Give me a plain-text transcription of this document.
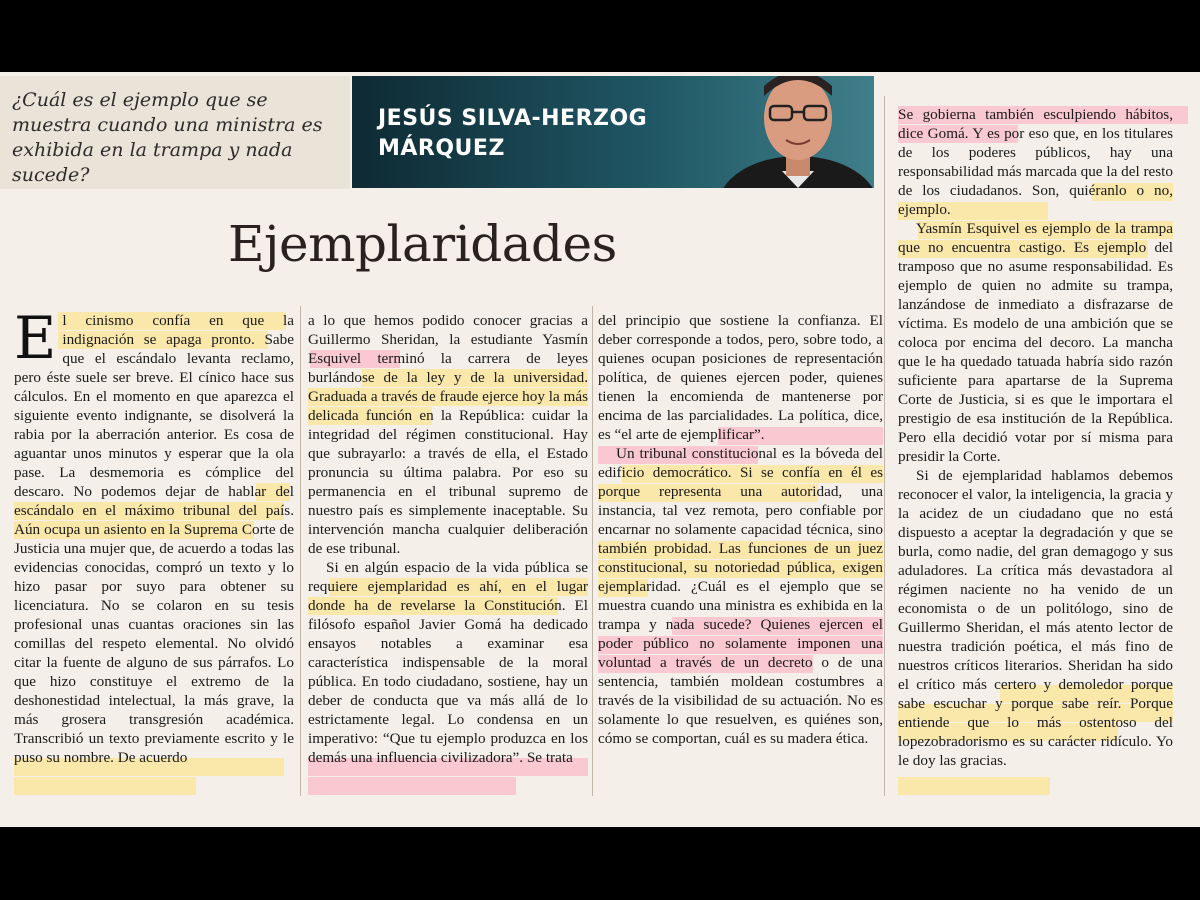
¿Cuál es el ejemplo que se muestra cuando una ministra es exhibida en la trampa y nada sucede?
JESÚS SILVA-HERZOG
MÁRQUEZ
Ejemplaridades

El cinismo confía en que la indignación se apaga pronto. Sabe que el escándalo levanta reclamo, pero éste suele ser breve. El cínico hace sus cálculos. En el momento en que aparezca el siguiente evento indignante, se disolverá la rabia por la aberración anterior. Es cosa de aguantar unos minutos y esperar que la ola pase. La desmemoria es cómplice del descaro. No podemos dejar de hablar del escándalo en el máximo tribunal del país. Aún ocupa un asiento en la Suprema Corte de Justicia una mujer que, de acuerdo a todas las evidencias conocidas, compró un texto y lo hizo pasar por suyo para obtener su licenciatura. No se colaron en su tesis profesional unas cuantas oraciones sin las comillas del respeto elemental. No olvidó citar la fuente de alguno de sus párrafos. Lo que hizo constituye el extremo de la deshonestidad intelectual, la más grave, la más grosera transgresión académica. Transcribió un texto previamente escrito y le puso su nombre. De acuerdo

a lo que hemos podido conocer gracias a Guillermo Sheridan, la estudiante Yasmín Esquivel terminó la carrera de leyes burlándose de la ley y de la universidad. Graduada a través de fraude ejerce hoy la más delicada función en la República: cuidar la integridad del régimen constitucional. Hay que subrayarlo: a través de ella, el Estado pronuncia su última palabra. Por eso su permanencia en el tribunal supremo de nuestro país es simplemente inaceptable. Su intervención mancha cualquier deliberación de ese tribunal.

Si en algún espacio de la vida pública se requiere ejemplaridad es ahí, en el lugar donde ha de revelarse la Constitución. El filósofo español Javier Gomá ha dedicado ensayos notables a examinar esa característica indispensable de la moral pública. En todo ciudadano, sostiene, hay un deber de conducta que va más allá de lo estrictamente legal. Lo condensa en un imperativo: “Que tu ejemplo produzca en los demás una influencia civilizadora”. Se trata

del principio que sostiene la confianza. El deber corresponde a todos, pero, sobre todo, a quienes ocupan posiciones de representación política, de quienes ejercen poder, quienes tienen la encomienda de mantenerse por encima de las parcialidades. La política, dice, es “el arte de ejemplificar”.

Un tribunal constitucional es la bóveda del edificio democrático. Si se confía en él es porque representa una autoridad, una instancia, tal vez remota, pero confiable por encarnar no solamente capacidad técnica, sino también probidad. Las funciones de un juez constitucional, su notoriedad pública, exigen ejemplaridad. ¿Cuál es el ejemplo que se muestra cuando una ministra es exhibida en la trampa y nada sucede? Quienes ejercen el poder público no solamente imponen una voluntad a través de un decreto o de una sentencia, también moldean costumbres a través de la visibilidad de su actuación. No es solamente lo que resuelven, es quiénes son, cómo se comportan, cuál es su madera ética.

Se gobierna también esculpiendo hábitos, dice Gomá. Y es por eso que, en los titulares de los poderes públicos, hay una responsabilidad más marcada que la del resto de los ciudadanos. Son, quiéranlo o no, ejemplo.

Yasmín Esquivel es ejemplo de la trampa que no encuentra castigo. Es ejemplo del tramposo que no asume responsabilidad. Es ejemplo de quien no admite su trampa, lanzándose de inmediato a disfrazarse de víctima. Es modelo de una ambición que se coloca por encima del decoro. La mancha que le ha quedado tatuada habría sido razón suficiente para apartarse de la Suprema Corte de Justicia, si es que le importara el prestigio de esa institución de la República. Pero ella decidió votar por sí misma para presidir la Corte.

Si de ejemplaridad hablamos debemos reconocer el valor, la inteligencia, la gracia y la acidez de un ciudadano que no está dispuesto a aceptar la degradación y que se burla, como nadie, del gran demagogo y sus aduladores. La crítica más devastadora al régimen naciente no ha venido de un economista o de un politólogo, sino de Guillermo Sheridan, el más atento lector de nuestra tradición poética, el más fino de nuestros críticos literarios. Sheridan ha sido el crítico más certero y demoledor porque sabe escuchar y porque sabe reír. Porque entiende que lo más ostentoso del lopezobradorismo es su carácter ridículo. Yo le doy las gracias.
